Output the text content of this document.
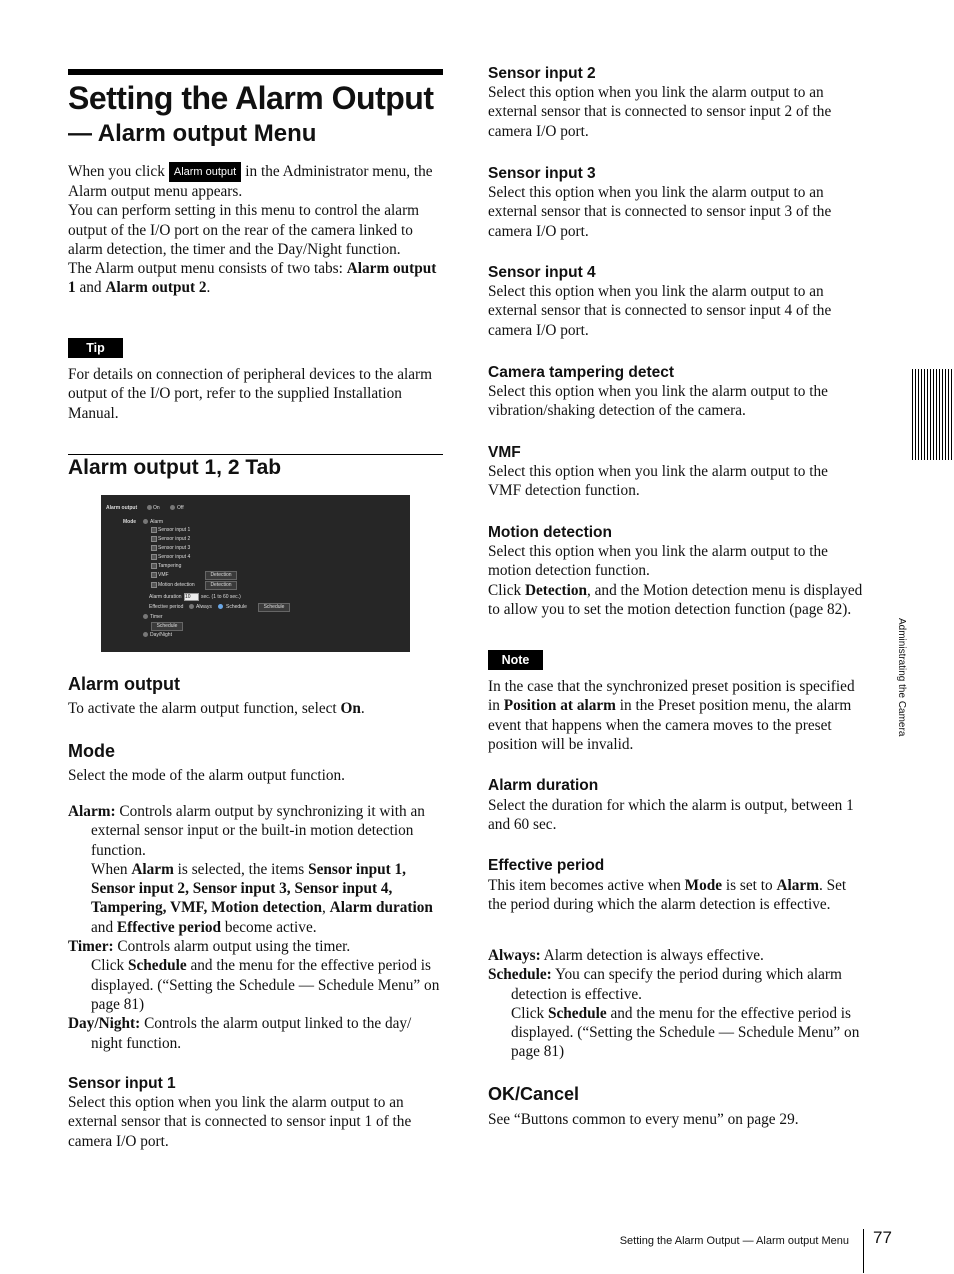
Setting the Alarm Output
— Alarm output Menu

When you click Alarm output in the Administrator menu, the Alarm output menu appears.

You can perform setting in this menu to control the alarm output of the I/O port on the rear of the camera linked to alarm detection, the timer and the Day/Night function.

The Alarm output menu consists of two tabs: Alarm output 1 and Alarm output 2.

Tip

For details on connection of peripheral devices to the alarm output of the I/O port, refer to the supplied Installation Manual.

Alarm output 1, 2 Tab
Alarm output	On	Off
Mode	Alarm
Sensor input 1
Sensor input 2
Sensor input 3
Sensor input 4
Tampering
VMF	Detection
Motion detection	Detection
Alarm duration 10	sec. (1 to 60 sec.)
Effective period	Always	Schedule	Schedule
Timer
Schedule
Day/Night
Alarm output

To activate the alarm output function, select On.

Mode

Select the mode of the alarm output function.

Alarm: Controls alarm output by synchronizing it with an external sensor input or the built-in motion detection function.
When Alarm is selected, the items Sensor input 1, Sensor input 2, Sensor input 3, Sensor input 4, Tampering, VMF, Motion detection, Alarm duration and Effective period become active.

Timer: Controls alarm output using the timer.
Click Schedule and the menu for the effective period is displayed. (“Setting the Schedule — Schedule Menu” on page 81)

Day/Night: Controls the alarm output linked to the day/ night function.

Sensor input 1

Select this option when you link the alarm output to an external sensor that is connected to sensor input 1 of the camera I/O port.

Sensor input 2

Select this option when you link the alarm output to an external sensor that is connected to sensor input 2 of the camera I/O port.

Sensor input 3

Select this option when you link the alarm output to an external sensor that is connected to sensor input 3 of the camera I/O port.

Sensor input 4

Select this option when you link the alarm output to an external sensor that is connected to sensor input 4 of the camera I/O port.

Camera tampering detect

Select this option when you link the alarm output to the vibration/shaking detection of the camera.

VMF

Select this option when you link the alarm output to the VMF detection function.

Motion detection

Select this option when you link the alarm output to the motion detection function.

Click Detection, and the Motion detection menu is displayed to allow you to set the motion detection function (page 82).

Note

In the case that the synchronized preset position is specified in Position at alarm in the Preset position menu, the alarm event that happens when the camera moves to the preset position will be invalid.

Alarm duration

Select the duration for which the alarm is output, between 1 and 60 sec.

Effective period

This item becomes active when Mode is set to Alarm. Set the period during which the alarm detection is effective.

Always: Alarm detection is always effective.

Schedule: You can specify the period during which alarm detection is effective.
Click Schedule and the menu for the effective period is displayed. (“Setting the Schedule — Schedule Menu” on page 81)

OK/Cancel

See “Buttons common to every menu” on page 29.

Administrating the Camera
Setting the Alarm Output — Alarm output Menu 77
